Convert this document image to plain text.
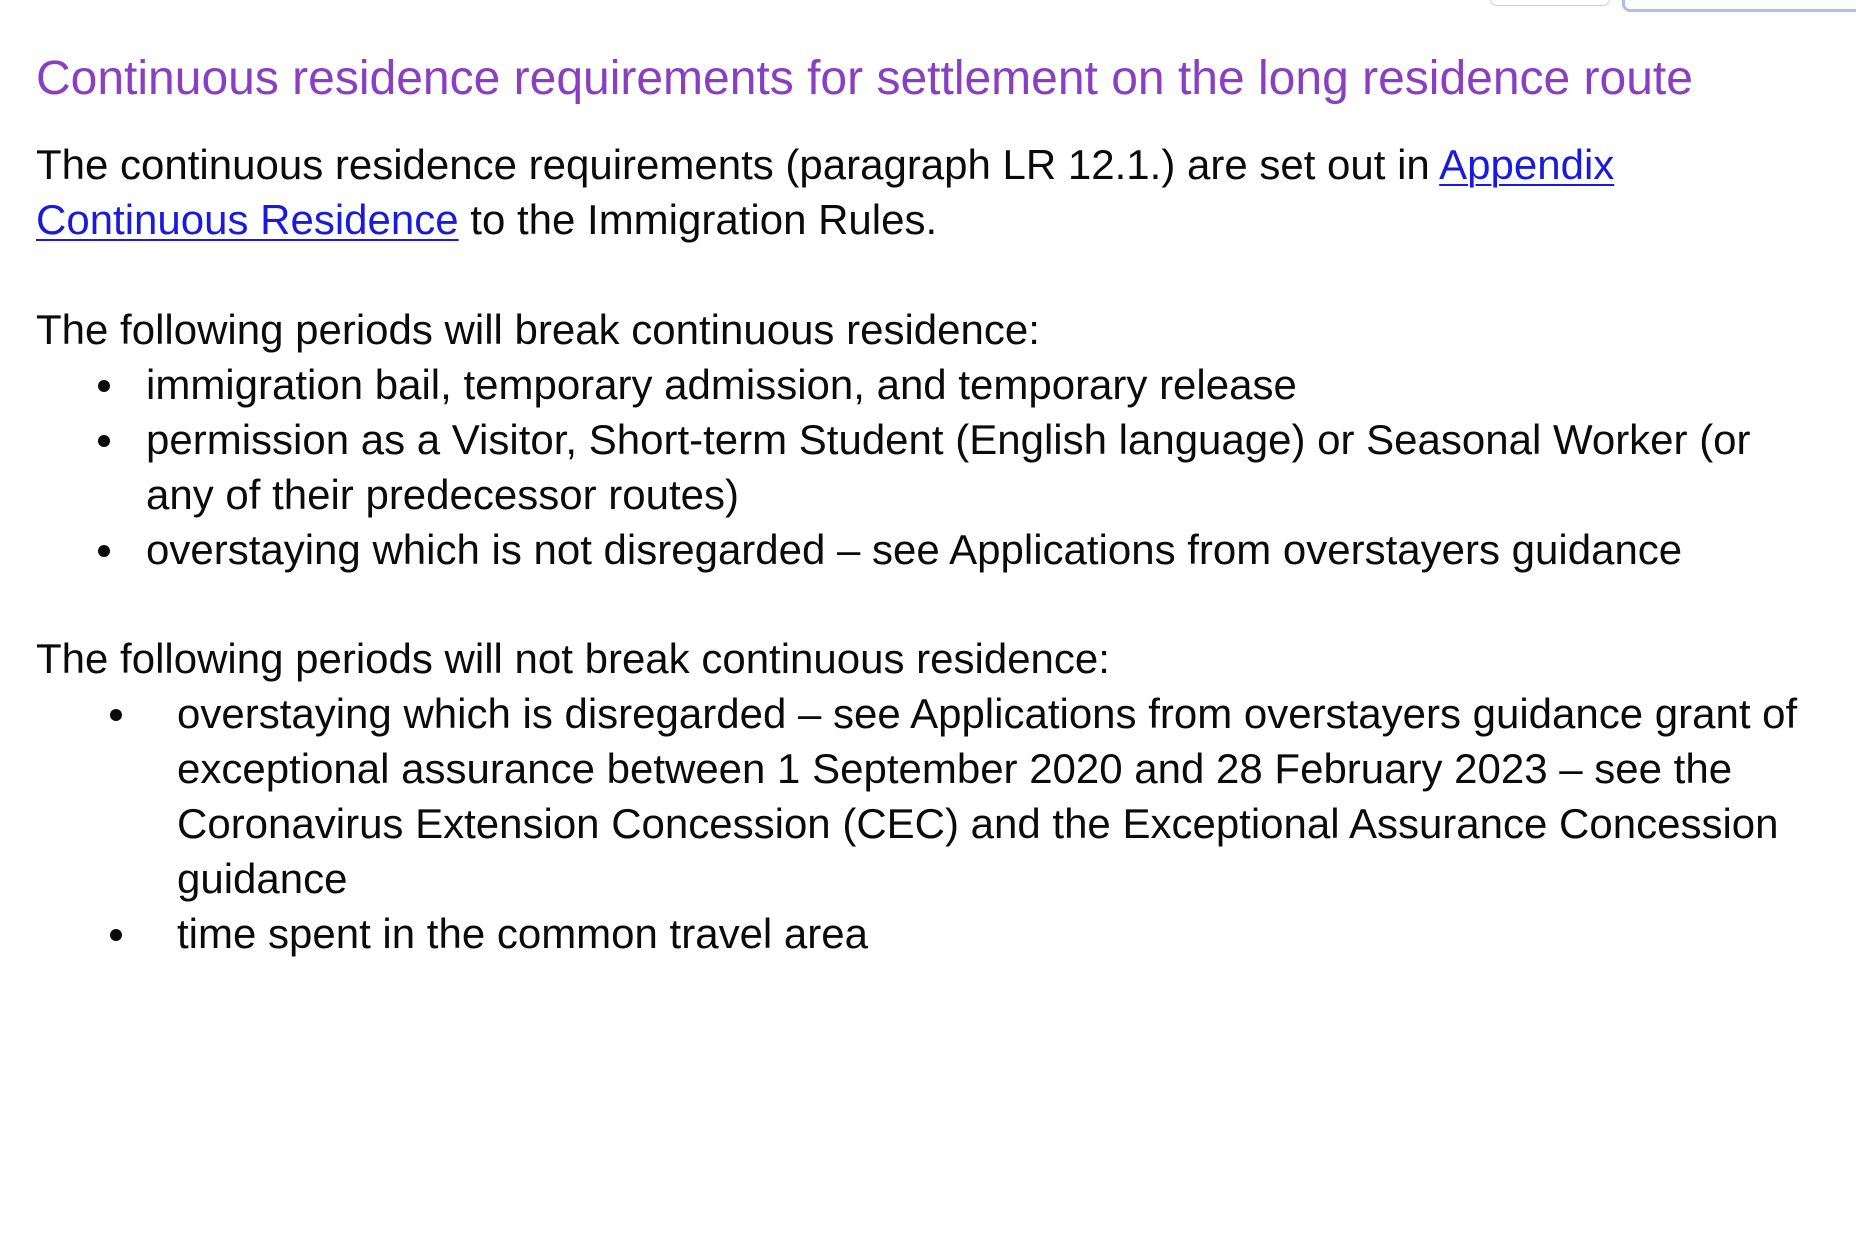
Continuous residence requirements for settlement on the long residence route

The continuous residence requirements (paragraph LR 12.1.) are set out in Appendix Continuous Residence to the Immigration Rules.

The following periods will break continuous residence:

immigration bail, temporary admission, and temporary release
permission as a Visitor, Short-term Student (English language) or Seasonal Worker (or any of their predecessor routes)
overstaying which is not disregarded – see Applications from overstayers guidance

The following periods will not break continuous residence:

overstaying which is disregarded – see Applications from overstayers guidance grant of exceptional assurance between 1 September 2020 and 28 February 2023 – see the Coronavirus Extension Concession (CEC) and the Exceptional Assurance Concession guidance
time spent in the common travel area
